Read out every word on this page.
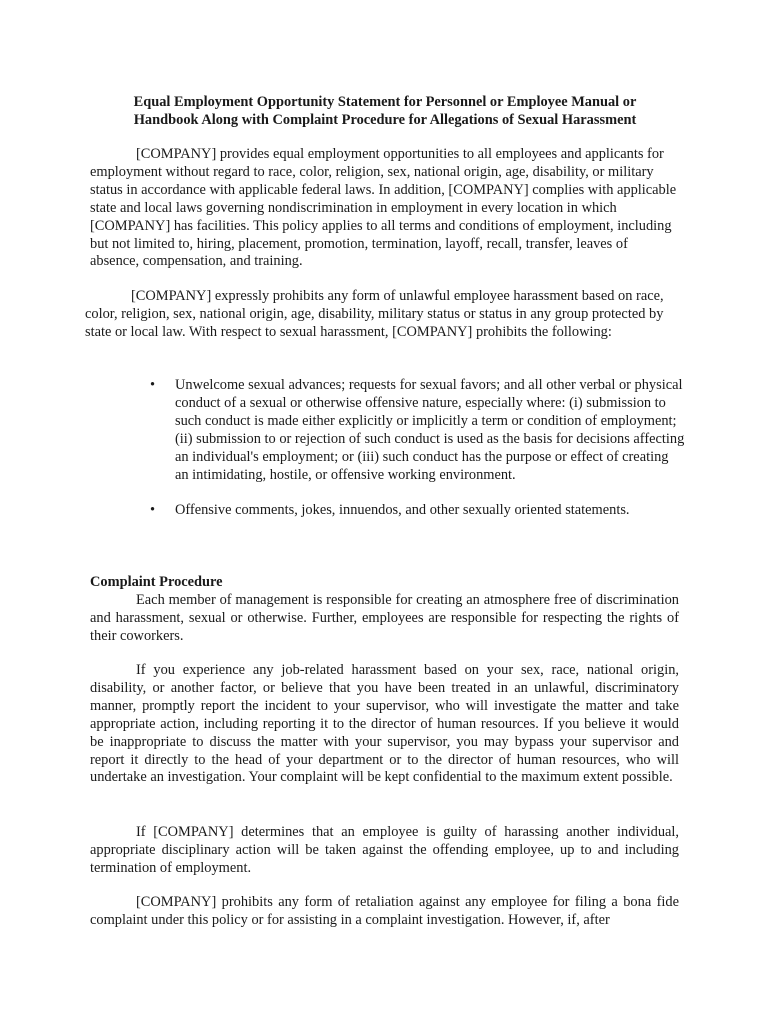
Equal Employment Opportunity Statement for Personnel or Employee Manual or
Handbook Along with Complaint Procedure for Allegations of Sexual Harassment

[COMPANY] provides equal employment opportunities to all employees and applicants for employment without regard to race, color, religion, sex, national origin, age, disability, or military status in accordance with applicable federal laws. In addition, [COMPANY] complies with applicable state and local laws governing nondiscrimination in employment in every location in which [COMPANY] has facilities. This policy applies to all terms and conditions of employment, including but not limited to, hiring, placement, promotion, termination, layoff, recall, transfer, leaves of absence, compensation, and training.

[COMPANY] expressly prohibits any form of unlawful employee harassment based on race, color, religion, sex, national origin, age, disability, military status or status in any group protected by state or local law. With respect to sexual harassment, [COMPANY] prohibits the following:

• Unwelcome sexual advances; requests for sexual favors; and all other verbal or physical conduct of a sexual or otherwise offensive nature, especially where: (i) submission to such conduct is made either explicitly or implicitly a term or condition of employment; (ii) submission to or rejection of such conduct is used as the basis for decisions affecting an individual's employment; or (iii) such conduct has the purpose or effect of creating an intimidating, hostile, or offensive working environment.
• Offensive comments, jokes, innuendos, and other sexually oriented statements.
Complaint Procedure

Each member of management is responsible for creating an atmosphere free of discrimination and harassment, sexual or otherwise. Further, employees are responsible for respecting the rights of their coworkers.

If you experience any job-related harassment based on your sex, race, national origin, disability, or another factor, or believe that you have been treated in an unlawful, discriminatory manner, promptly report the incident to your supervisor, who will investigate the matter and take appropriate action, including reporting it to the director of human resources. If you believe it would be inappropriate to discuss the matter with your supervisor, you may bypass your supervisor and report it directly to the head of your department or to the director of human resources, who will undertake an investigation. Your complaint will be kept confidential to the maximum extent possible.

If [COMPANY] determines that an employee is guilty of harassing another individual, appropriate disciplinary action will be taken against the offending employee, up to and including termination of employment.

[COMPANY] prohibits any form of retaliation against any employee for filing a bona fide complaint under this policy or for assisting in a complaint investigation. However, if, after
